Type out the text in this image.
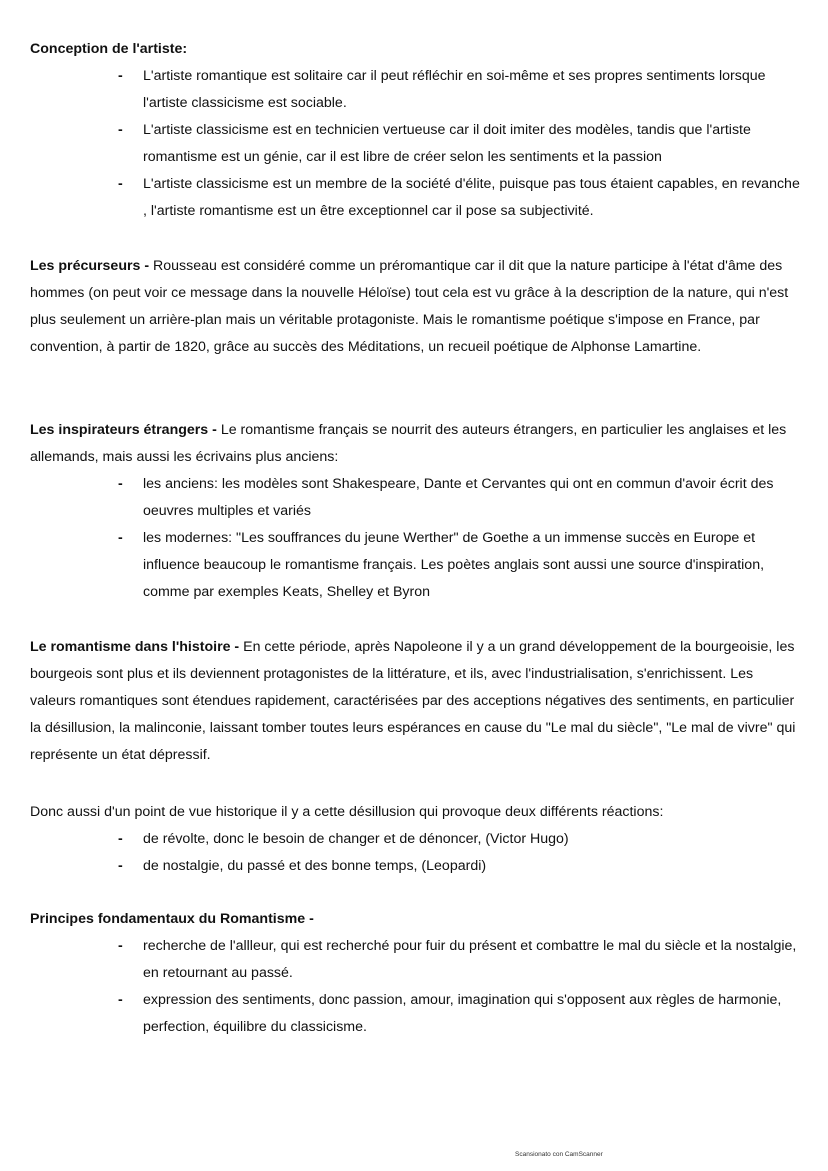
Conception de l'artiste:
- L'artiste romantique est solitaire car il peut réfléchir en soi-même et ses propres sentiments lorsque l'artiste classicisme est sociable.
- L'artiste classicisme est en technicien vertueuse car il doit imiter des modèles, tandis que l'artiste romantisme est un génie, car il est libre de créer selon les sentiments et la passion
- L'artiste classicisme est un membre de la société d'élite, puisque pas tous étaient capables, en revanche , l'artiste romantisme est un être exceptionnel car il pose sa subjectivité.

Les précurseurs - Rousseau est considéré comme un préromantique car il dit que la nature participe à l'état d'âme des hommes (on peut voir ce message dans la nouvelle Héloïse) tout cela est vu grâce à la description de la nature, qui n'est plus seulement un arrière-plan mais un véritable protagoniste. Mais le romantisme poétique s'impose en France, par convention, à partir de 1820, grâce au succès des Méditations, un recueil poétique de Alphonse Lamartine.

Les inspirateurs étrangers - Le romantisme français se nourrit des auteurs étrangers, en particulier les anglaises et les allemands, mais aussi les écrivains plus anciens:

- les anciens: les modèles sont Shakespeare, Dante et Cervantes qui ont en commun d'avoir écrit des oeuvres multiples et variés
- les modernes: "Les souffrances du jeune Werther" de Goethe a un immense succès en Europe et influence beaucoup le romantisme français. Les poètes anglais sont aussi une source d'inspiration, comme par exemples Keats, Shelley et Byron

Le romantisme dans l'histoire - En cette période, après Napoleone il y a un grand développement de la bourgeoisie, les bourgeois sont plus et ils deviennent protagonistes de la littérature, et ils, avec l'industrialisation, s'enrichissent. Les valeurs romantiques sont étendues rapidement, caractérisées par des acceptions négatives des sentiments, en particulier la désillusion, la malinconie, laissant tomber toutes leurs espérances en cause du "Le mal du siècle", "Le mal de vivre" qui représente un état dépressif.

Donc aussi d'un point de vue historique il y a cette désillusion qui provoque deux différents réactions:

- de révolte, donc le besoin de changer et de dénoncer, (Victor Hugo)
- de nostalgie, du passé et des bonne temps, (Leopardi)
Principes fondamentaux du Romantisme -
- recherche de l'allleur, qui est recherché pour fuir du présent et combattre le mal du siècle et la nostalgie, en retournant au passé.
- expression des sentiments, donc passion, amour, imagination qui s'opposent aux règles de harmonie, perfection, équilibre du classicisme.
Scansionato con CamScanner
